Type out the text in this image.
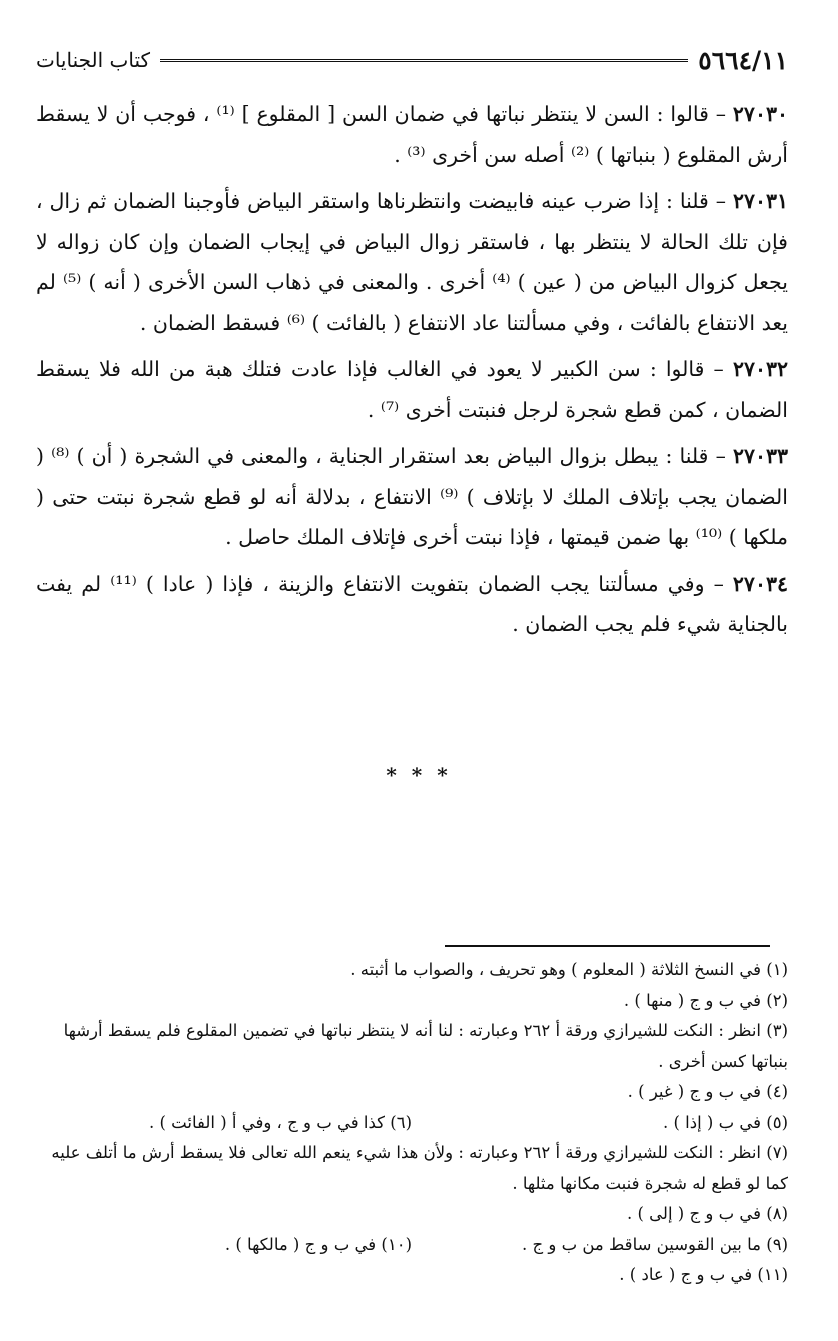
٥٦٦٤/١١
كتاب الجنايات

٢٧٠٣٠ – قالوا : السن لا ينتظر نباتها في ضمان السن [ المقلوع ] ⁽¹⁾ ، فوجب أن لا يسقط أرش المقلوع ( بنباتها ) ⁽²⁾ أصله سن أخرى ⁽³⁾ .

٢٧٠٣١ – قلنا : إذا ضرب عينه فابيضت وانتظرناها واستقر البياض فأوجبنا الضمان ثم زال ، فإن تلك الحالة لا ينتظر بها ، فاستقر زوال البياض في إيجاب الضمان وإن كان زواله لا يجعل كزوال البياض من ( عين ) ⁽⁴⁾ أخرى . والمعنى في ذهاب السن الأخرى ( أنه ) ⁽⁵⁾ لم يعد الانتفاع بالفائت ، وفي مسألتنا عاد الانتفاع ( بالفائت ) ⁽⁶⁾ فسقط الضمان .

٢٧٠٣٢ – قالوا : سن الكبير لا يعود في الغالب فإذا عادت فتلك هبة من الله فلا يسقط الضمان ، كمن قطع شجرة لرجل فنبتت أخرى ⁽⁷⁾ .

٢٧٠٣٣ – قلنا : يبطل بزوال البياض بعد استقرار الجناية ، والمعنى في الشجرة ( أن ) ⁽⁸⁾ ( الضمان يجب بإتلاف الملك لا بإتلاف ) ⁽⁹⁾ الانتفاع ، بدلالة أنه لو قطع شجرة نبتت حتى ( ملكها ) ⁽¹⁰⁾ بها ضمن قيمتها ، فإذا نبتت أخرى فإتلاف الملك حاصل .

٢٧٠٣٤ – وفي مسألتنا يجب الضمان بتفويت الانتفاع والزينة ، فإذا ( عادا ) ⁽¹¹⁾ لم يفت بالجناية شيء فلم يجب الضمان .

* * *

(١) في النسخ الثلاثة ( المعلوم ) وهو تحريف ، والصواب ما أثبته .

(٢) في ب و ج ( منها ) .

(٣) انظر : النكت للشيرازي ورقة أ ٢٦٢ وعبارته : لنا أنه لا ينتظر نباتها في تضمين المقلوع فلم يسقط أرشها بنباتها كسن أخرى .

(٤) في ب و ج ( غير ) .

(٥) في ب ( إذا ) .

(٦) كذا في ب و ج ، وفي أ ( الفائت ) .

(٧) انظر : النكت للشيرازي ورقة أ ٢٦٢ وعبارته : ولأن هذا شيء ينعم الله تعالى فلا يسقط أرش ما أتلف عليه كما لو قطع له شجرة فنبت مكانها مثلها .

(٨) في ب و ج ( إلى ) .

(٩) ما بين القوسين ساقط من ب و ج .

(١٠) في ب و ج ( مالكها ) .

(١١) في ب و ج ( عاد ) .
